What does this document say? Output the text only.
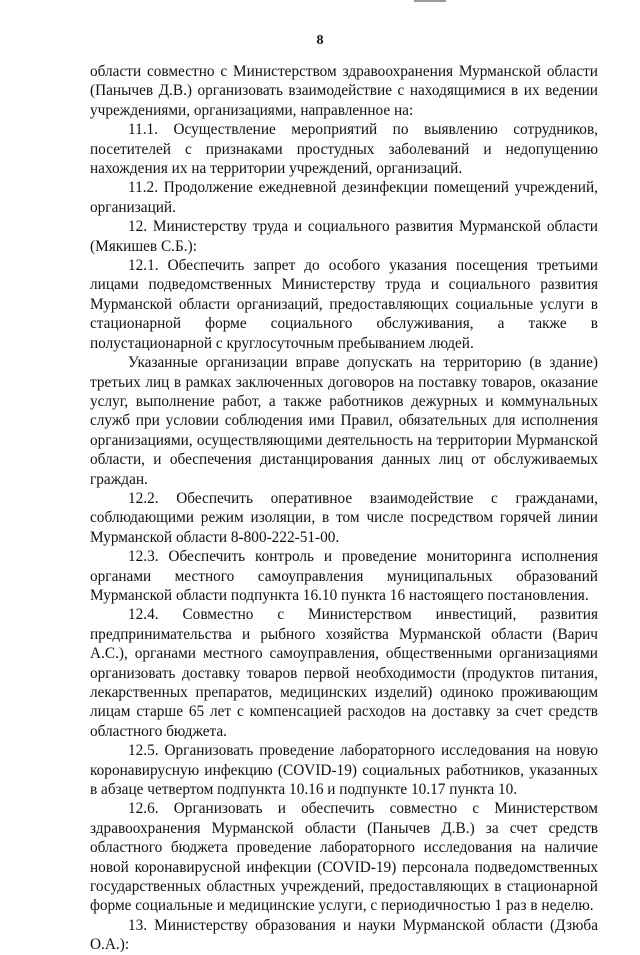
8

области совместно с Министерством здравоохранения Мурманской области (Панычев Д.В.) организовать взаимодействие с находящимися в их ведении учреждениями, организациями, направленное на:

11.1. Осуществление мероприятий по выявлению сотрудников, посетителей с признаками простудных заболеваний и недопущению нахождения их на территории учреждений, организаций.

11.2. Продолжение ежедневной дезинфекции помещений учреждений, организаций.

12. Министерству труда и социального развития Мурманской области (Мякишев С.Б.):

12.1. Обеспечить запрет до особого указания посещения третьими лицами подведомственных Министерству труда и социального развития Мурманской области организаций, предоставляющих социальные услуги в стационарной форме социального обслуживания, а также в полустационарной с круглосуточным пребыванием людей.

Указанные организации вправе допускать на территорию (в здание) третьих лиц в рамках заключенных договоров на поставку товаров, оказание услуг, выполнение работ, а также работников дежурных и коммунальных служб при условии соблюдения ими Правил, обязательных для исполнения организациями, осуществляющими деятельность на территории Мурманской области, и обеспечения дистанцирования данных лиц от обслуживаемых граждан.

12.2. Обеспечить оперативное взаимодействие с гражданами, соблюдающими режим изоляции, в том числе посредством горячей линии Мурманской области 8-800-222-51-00.

12.3. Обеспечить контроль и проведение мониторинга исполнения органами местного самоуправления муниципальных образований Мурманской области подпункта 16.10 пункта 16 настоящего постановления.

12.4. Совместно с Министерством инвестиций, развития предпринимательства и рыбного хозяйства Мурманской области (Варич А.С.), органами местного самоуправления, общественными организациями организовать доставку товаров первой необходимости (продуктов питания, лекарственных препаратов, медицинских изделий) одиноко проживающим лицам старше 65 лет с компенсацией расходов на доставку за счет средств областного бюджета.

12.5. Организовать проведение лабораторного исследования на новую коронавирусную инфекцию (COVID-19) социальных работников, указанных в абзаце четвертом подпункта 10.16 и подпункте 10.17 пункта 10.

12.6. Организовать и обеспечить совместно с Министерством здравоохранения Мурманской области (Панычев Д.В.) за счет средств областного бюджета проведение лабораторного исследования на наличие новой коронавирусной инфекции (COVID-19) персонала подведомственных государственных областных учреждений, предоставляющих в стационарной форме социальные и медицинские услуги, с периодичностью 1 раз в неделю.

13. Министерству образования и науки Мурманской области (Дзюба О.А.):
